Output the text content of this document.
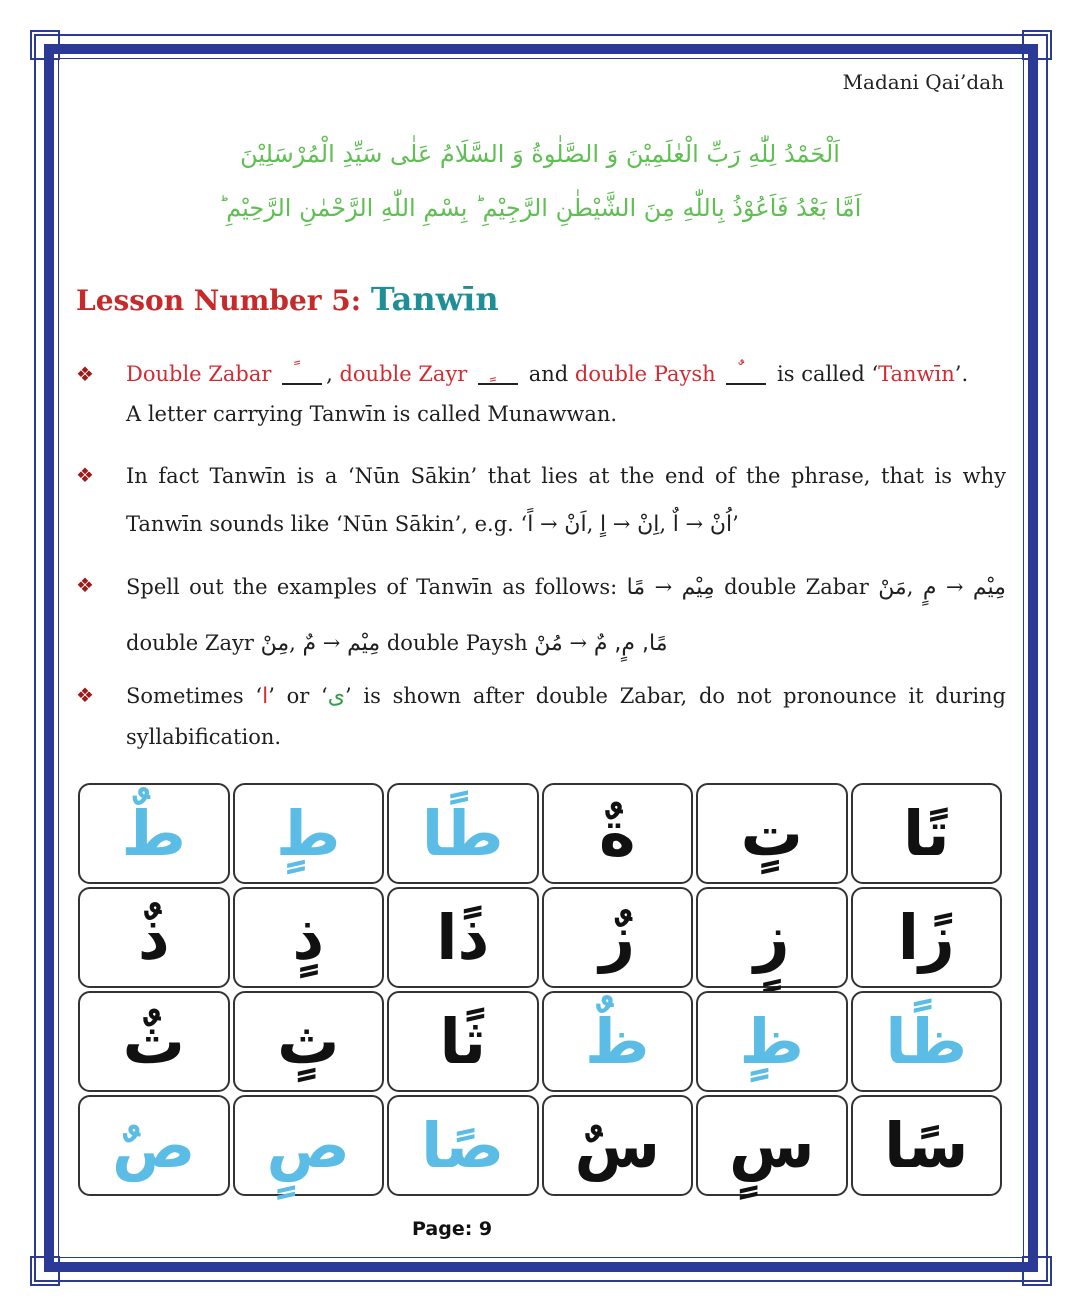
Madani Qai’dah
اَلْحَمْدُ لِلّٰهِ رَبِّ الْعٰلَمِیْنَ وَ الصَّلٰوةُ وَ السَّلَامُ عَلٰی سَیِّدِ الْمُرْسَلِیْنَ
اَمَّا بَعْدُ فَاَعُوْذُ بِاللّٰهِ مِنَ الشَّیْطٰنِ الرَّجِیْمِ ؕ بِسْمِ اللّٰهِ الرَّحْمٰنِ الرَّحِیْمِ ؕ
Lesson Number 5: Tanwīn
❖ Double Zabar	, double Zayr	and double Paysh	is called ‘Tanwīn’.
A letter carrying Tanwīn is called Munawwan.
❖ In fact Tanwīn is a ‘Nūn Sākin’ that lies at the end of the phrase, that is why Tanwīn sounds like ‘Nūn Sākin’, e.g. ‘اً → اَنْ, اٍ → اِنْ, اٌ → اُنْ’
❖ Spell out the examples of Tanwīn as follows: مًا → مِیْم double Zabar مَنْ, مٍ → مِیْم double Zayr مِنْ, مٌ → مِیْم double Paysh مُنْ → مًا, مٍ, مٌ
❖ Sometimes ‘ا’ or ‘ی’ is shown after double Zabar, do not pronounce it during syllabification.
طٌ طٍ طًا ةٌ تٍ تًا
ذٌ ذٍ ذًا زٌ زٍ زًا
ثٌ ثٍ ثًا ظٌ ظٍ ظًا
صٌ صٍ صًا سٌ سٍ سًا
Page: 9
